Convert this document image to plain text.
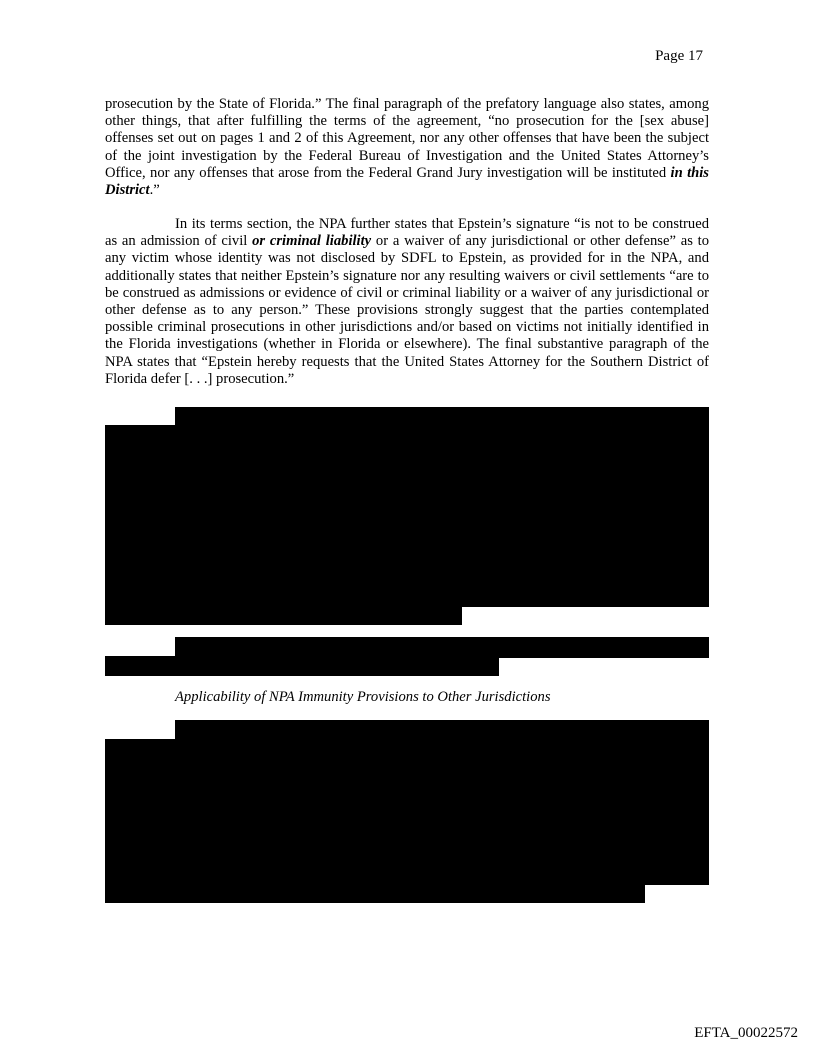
Page 17

prosecution by the State of Florida.” The final paragraph of the prefatory language also states, among other things, that after fulfilling the terms of the agreement, “no prosecution for the [sex abuse] offenses set out on pages 1 and 2 of this Agreement, nor any other offenses that have been the subject of the joint investigation by the Federal Bureau of Investigation and the United States Attorney’s Office, nor any offenses that arose from the Federal Grand Jury investigation will be instituted in this District.”

In its terms section, the NPA further states that Epstein’s signature “is not to be construed as an admission of civil or criminal liability or a waiver of any jurisdictional or other defense” as to any victim whose identity was not disclosed by SDFL to Epstein, as provided for in the NPA, and additionally states that neither Epstein’s signature nor any resulting waivers or civil settlements “are to be construed as admissions or evidence of civil or criminal liability or a waiver of any jurisdictional or other defense as to any person.” These provisions strongly suggest that the parties contemplated possible criminal prosecutions in other jurisdictions and/or based on victims not initially identified in the Florida investigations (whether in Florida or elsewhere). The final substantive paragraph of the NPA states that “Epstein hereby requests that the United States Attorney for the Southern District of Florida defer [. . .] prosecution.”

Applicability of NPA Immunity Provisions to Other Jurisdictions
EFTA_00022572
